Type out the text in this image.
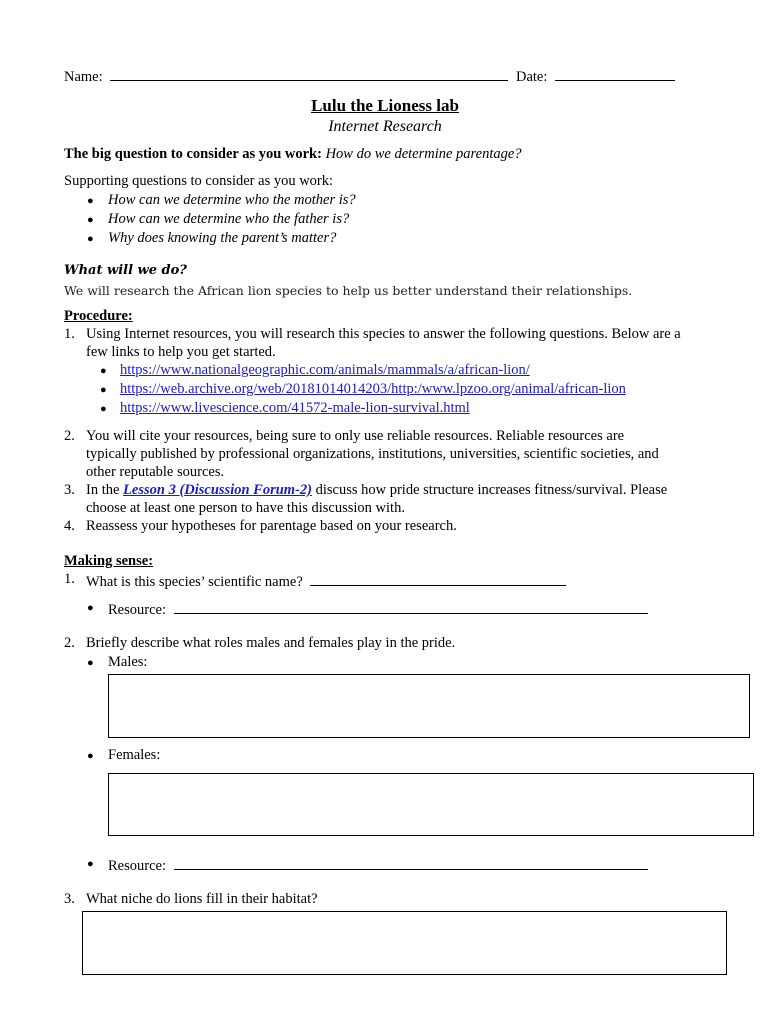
Name:	Date:
Lulu the Lioness lab
Internet Research
The big question to consider as you work: How do we determine parentage?
Supporting questions to consider as you work:
● How can we determine who the mother is?
● How can we determine who the father is?
● Why does knowing the parent’s matter?
What will we do?
We will research the African lion species to help us better understand their relationships.
Procedure:
1. Using Internet resources, you will research this species to answer the following questions. Below are a
few links to help you get started.
● https://www.nationalgeographic.com/animals/mammals/a/african-lion/
● https://web.archive.org/web/20181014014203/http:/www.lpzoo.org/animal/african-lion
● https://www.livescience.com/41572-male-lion-survival.html
2. You will cite your resources, being sure to only use reliable resources. Reliable resources are
typically published by professional organizations, institutions, universities, scientific societies, and
other reputable sources.
3. In the Lesson 3 (Discussion Forum-2) discuss how pride structure increases fitness/survival. Please
choose at least one person to have this discussion with.
4. Reassess your hypotheses for parentage based on your research.
Making sense:
1. What is this species’ scientific name?
● Resource:
2. Briefly describe what roles males and females play in the pride.
● Males:
● Females:
● Resource:
3. What niche do lions fill in their habitat?
